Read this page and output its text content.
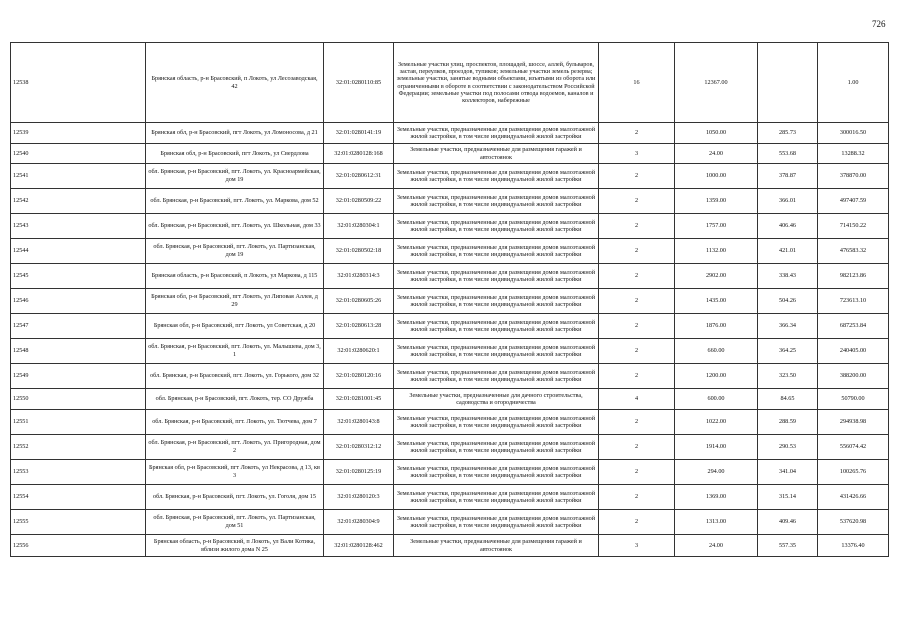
726
12538	Брянская область, р-н Брасовский, п Локоть, ул Лесозаводская, 42	32:01:0280110:85	Земельные участки улиц, проспектов, площадей, шоссе, аллей, бульваров, застав, переулков, проездов, тупиков; земельные участки земель резерва; земельные участки, занятые водными объектами, изъятыми из оборота или ограниченными в обороте в соответствии с законодательством Российской Федерации; земельные участки под полосами отвода водоемов, каналов и коллекторов, набережные	16	12367.00		1.00
12539	Брянская обл, р-н Брасовский, пгт Локоть, ул Ломоносова, д 21	32:01:0280141:19	Земельные участки, предназначенные для размещения домов малоэтажной жилой застройки, в том числе индивидуальной жилой застройки	2	1050.00	285.73	300016.50
12540	Брянская обл, р-н Брасовский, пгт Локоть, ул Свердлова	32:01:0280128:168	Земельные участки, предназначенные для размещения гаражей и автостоянок	3	24.00	553.68	13288.32
12541	обл. Брянская, р-н Брасовский, пгт. Локоть, ул. Красноармейская, дом 19	32:01:0280612:31	Земельные участки, предназначенные для размещения домов малоэтажной жилой застройки, в том числе индивидуальной жилой застройки	2	1000.00	378.87	378870.00
12542	обл. Брянская, р-н Брасовский, пгт. Локоть, ул. Маркова, дом 52	32:01:0280509:22	Земельные участки, предназначенные для размещения домов малоэтажной жилой застройки, в том числе индивидуальной жилой застройки	2	1359.00	366.01	497407.59
12543	обл. Брянская, р-н Брасовский, пгт. Локоть, ул. Школьная, дом 33	32:01:0280304:1	Земельные участки, предназначенные для размещения домов малоэтажной жилой застройки, в том числе индивидуальной жилой застройки	2	1757.00	406.46	714150.22
12544	обл. Брянская, р-н Брасовский, пгт. Локоть, ул. Партизанская, дом 19	32:01:0280502:18	Земельные участки, предназначенные для размещения домов малоэтажной жилой застройки, в том числе индивидуальной жилой застройки	2	1132.00	421.01	476583.32
12545	Брянская область, р-н Брасовский, п Локоть, ул Маркова, д 115	32:01:0280314:3	Земельные участки, предназначенные для размещения домов малоэтажной жилой застройки, в том числе индивидуальной жилой застройки	2	2902.00	338.43	982123.86
12546	Брянская обл, р-н Брасовский, пгт Локоть, ул Липовая Аллея, д 29	32:01:0280605:26	Земельные участки, предназначенные для размещения домов малоэтажной жилой застройки, в том числе индивидуальной жилой застройки	2	1435.00	504.26	723613.10
12547	Брянская обл, р-н Брасовский, пгт Локоть, ул Советская, д 20	32:01:0280613:28	Земельные участки, предназначенные для размещения домов малоэтажной жилой застройки, в том числе индивидуальной жилой застройки	2	1876.00	366.34	687253.84
12548	обл. Брянская, р-н Брасовский, пгт. Локоть, ул. Малышева, дом 3, 1	32:01:0280620:1	Земельные участки, предназначенные для размещения домов малоэтажной жилой застройки, в том числе индивидуальной жилой застройки	2	660.00	364.25	240405.00
12549	обл. Брянская, р-н Брасовский, пгт. Локоть, ул. Горького, дом 32	32:01:0280120:16	Земельные участки, предназначенные для размещения домов малоэтажной жилой застройки, в том числе индивидуальной жилой застройки	2	1200.00	323.50	388200.00
12550	обл. Брянская, р-н Брасовский, пгт. Локоть, тер. СО Дружба	32:01:0281001:45	Земельные участки, предназначенные для дачного строительства, садоводства и огородничества	4	600.00	84.65	50790.00
12551	обл. Брянская, р-н Брасовский, пгт. Локоть, ул. Тютчева, дом 7	32:01:0280143:8	Земельные участки, предназначенные для размещения домов малоэтажной жилой застройки, в том числе индивидуальной жилой застройки	2	1022.00	288.59	294938.98
12552	обл. Брянская, р-н Брасовский, пгт. Локоть, ул. Пригородная, дом 2	32:01:0280312:12	Земельные участки, предназначенные для размещения домов малоэтажной жилой застройки, в том числе индивидуальной жилой застройки	2	1914.00	290.53	556074.42
12553	Брянская обл, р-н Брасовский, пгт Локоть, ул Некрасова, д 13, кв 3	32:01:0280125:19	Земельные участки, предназначенные для размещения домов малоэтажной жилой застройки, в том числе индивидуальной жилой застройки	2	294.00	341.04	100265.76
12554	обл. Брянская, р-н Брасовский, пгт. Локоть, ул. Гоголя, дом 15	32:01:0280120:3	Земельные участки, предназначенные для размещения домов малоэтажной жилой застройки, в том числе индивидуальной жилой застройки	2	1369.00	315.14	431426.66
12555	обл. Брянская, р-н Брасовский, пгт. Локоть, ул. Партизанская, дом 51	32:01:0280304:9	Земельные участки, предназначенные для размещения домов малоэтажной жилой застройки, в том числе индивидуальной жилой застройки	2	1313.00	409.46	537620.98
12556	Брянская область, р-н Брасовский, п Локоть, ул Вали Котика, вблизи жилого дома N 25	32:01:0280128:462	Земельные участки, предназначенные для размещения гаражей и автостоянок	3	24.00	557.35	13376.40
